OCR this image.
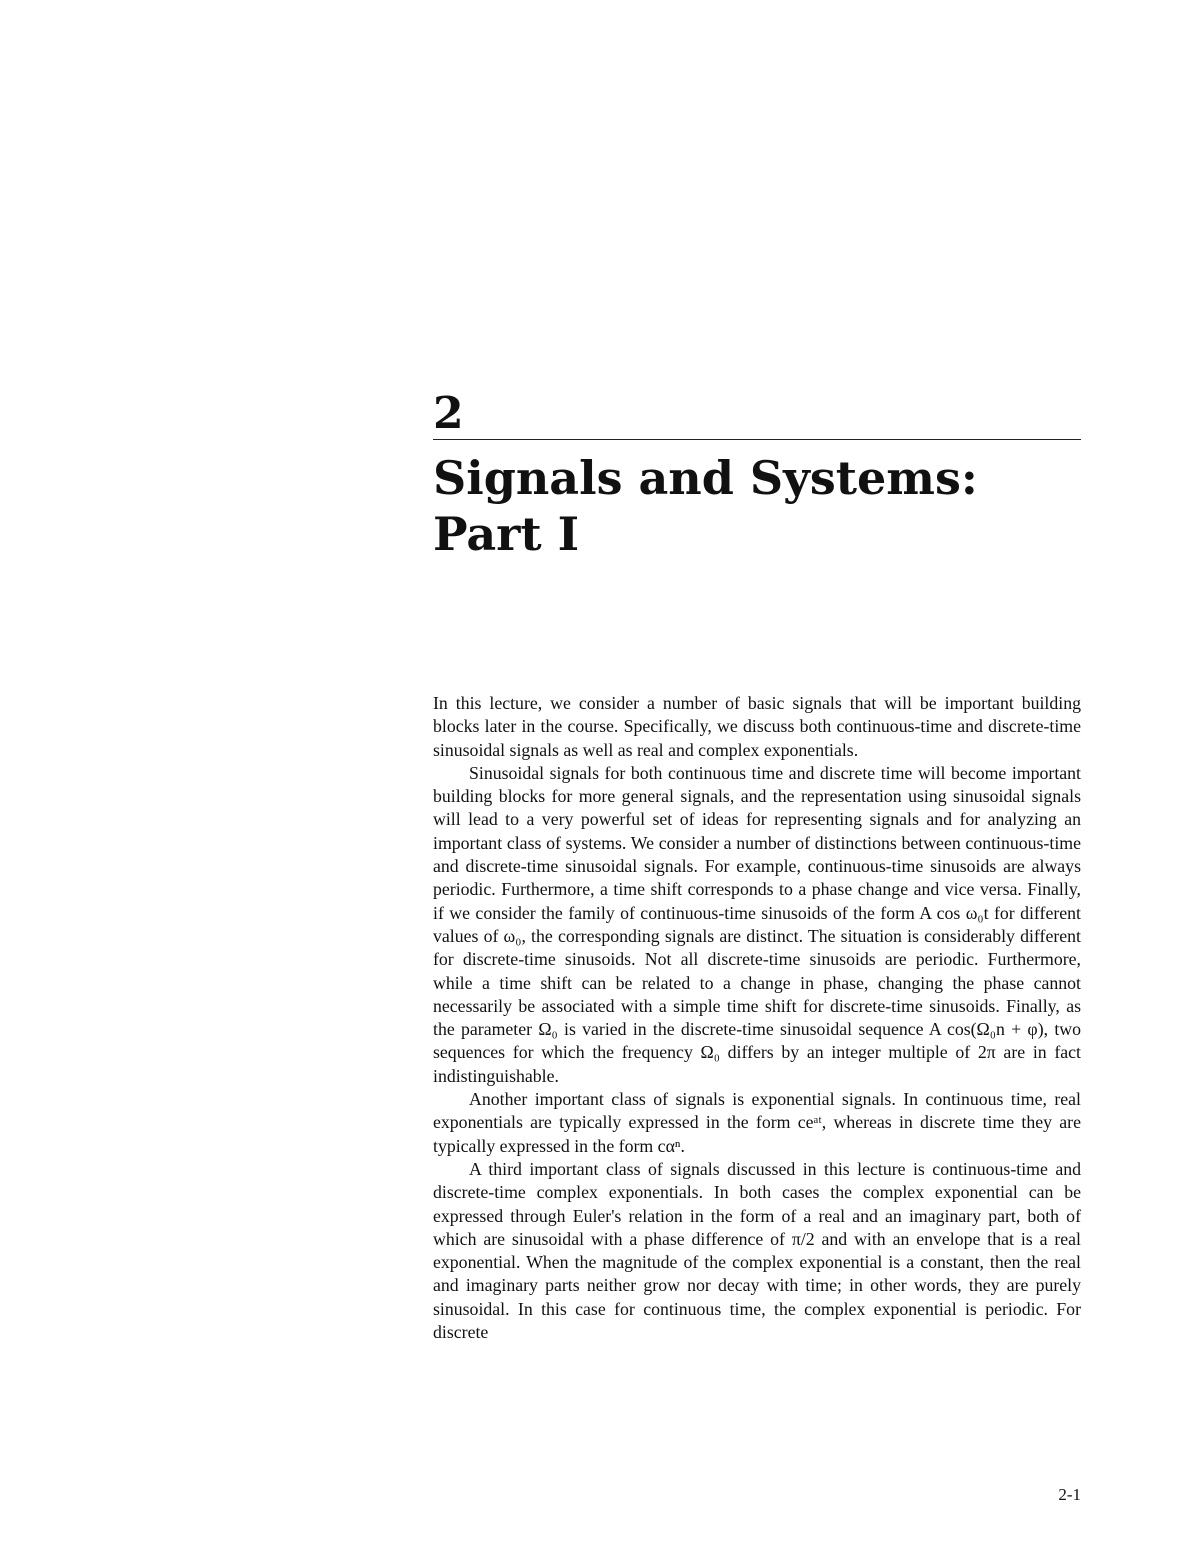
2
Signals and Systems:
Part I

In this lecture, we consider a number of basic signals that will be important building blocks later in the course. Specifically, we discuss both continuous-time and discrete-time sinusoidal signals as well as real and complex exponentials.

Sinusoidal signals for both continuous time and discrete time will become important building blocks for more general signals, and the representation using sinusoidal signals will lead to a very powerful set of ideas for representing signals and for analyzing an important class of systems. We consider a number of distinctions between continuous-time and discrete-time sinusoidal signals. For example, continuous-time sinusoids are always periodic. Furthermore, a time shift corresponds to a phase change and vice versa. Finally, if we consider the family of continuous-time sinusoids of the form A cos ω₀t for different values of ω₀, the corresponding signals are distinct. The situation is considerably different for discrete-time sinusoids. Not all discrete-time sinusoids are periodic. Furthermore, while a time shift can be related to a change in phase, changing the phase cannot necessarily be associated with a simple time shift for discrete-time sinusoids. Finally, as the parameter Ω₀ is varied in the discrete-time sinusoidal sequence A cos(Ω₀n + φ), two sequences for which the frequency Ω₀ differs by an integer multiple of 2π are in fact indistinguishable.

Another important class of signals is exponential signals. In continuous time, real exponentials are typically expressed in the form ceᵃᵗ, whereas in discrete time they are typically expressed in the form cαⁿ.

A third important class of signals discussed in this lecture is continuous-time and discrete-time complex exponentials. In both cases the complex exponential can be expressed through Euler's relation in the form of a real and an imaginary part, both of which are sinusoidal with a phase difference of π/2 and with an envelope that is a real exponential. When the magnitude of the complex exponential is a constant, then the real and imaginary parts neither grow nor decay with time; in other words, they are purely sinusoidal. In this case for continuous time, the complex exponential is periodic. For discrete

2-1
